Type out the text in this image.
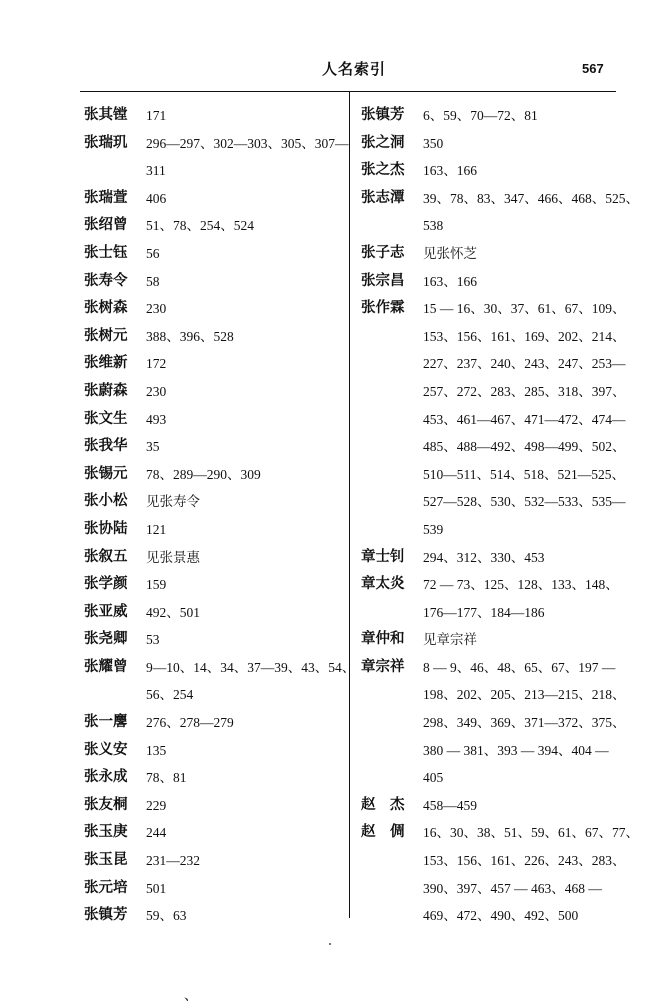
人名索引	567
张其镗 171
张瑞玑 296—297、302—303、305、307—
311
张瑞萱 406
张绍曾 51、78、254、524
张士钰 56
张寿令 58
张树森 230
张树元 388、396、528
张维新 172
张蔚森 230
张文生 493
张我华 35
张锡元 78、289—290、309
张小松 见张寿令
张协陆 121
张叙五 见张景惠
张学颜 159
张亚威 492、501
张尧卿 53
张耀曾 9—10、14、34、37—39、43、54、
56、254
张一麐 276、278—279
张义安 135
张永成 78、81
张友桐 229
张玉庚 244
张玉昆 231—232
张元培 501
张镇芳 59、63
张镇芳 6、59、70—72、81
张之洞 350
张之杰 163、166
张志潭 39、78、83、347、466、468、525、
538
张子志 见张怀芝
张宗昌 163、166
张作霖 15 — 16、30、37、61、67、109、
153、156、161、169、202、214、
227、237、240、243、247、253—
257、272、283、285、318、397、
453、461—467、471—472、474—
485、488—492、498—499、502、
510—511、514、518、521—525、
527—528、530、532—533、535—
539
章士钊 294、312、330、453
章太炎 72 — 73、125、128、133、148、
176—177、184—186
章仲和 见章宗祥
章宗祥 8 — 9、46、48、65、67、197 —
198、202、205、213—215、218、
298、349、369、371—372、375、
380 — 381、393 — 394、404 —
405
赵　杰 458—459
赵　倜 16、30、38、51、59、61、67、77、
153、156、161、226、243、283、
390、397、457 — 463、468 —
469、472、490、492、500
、
